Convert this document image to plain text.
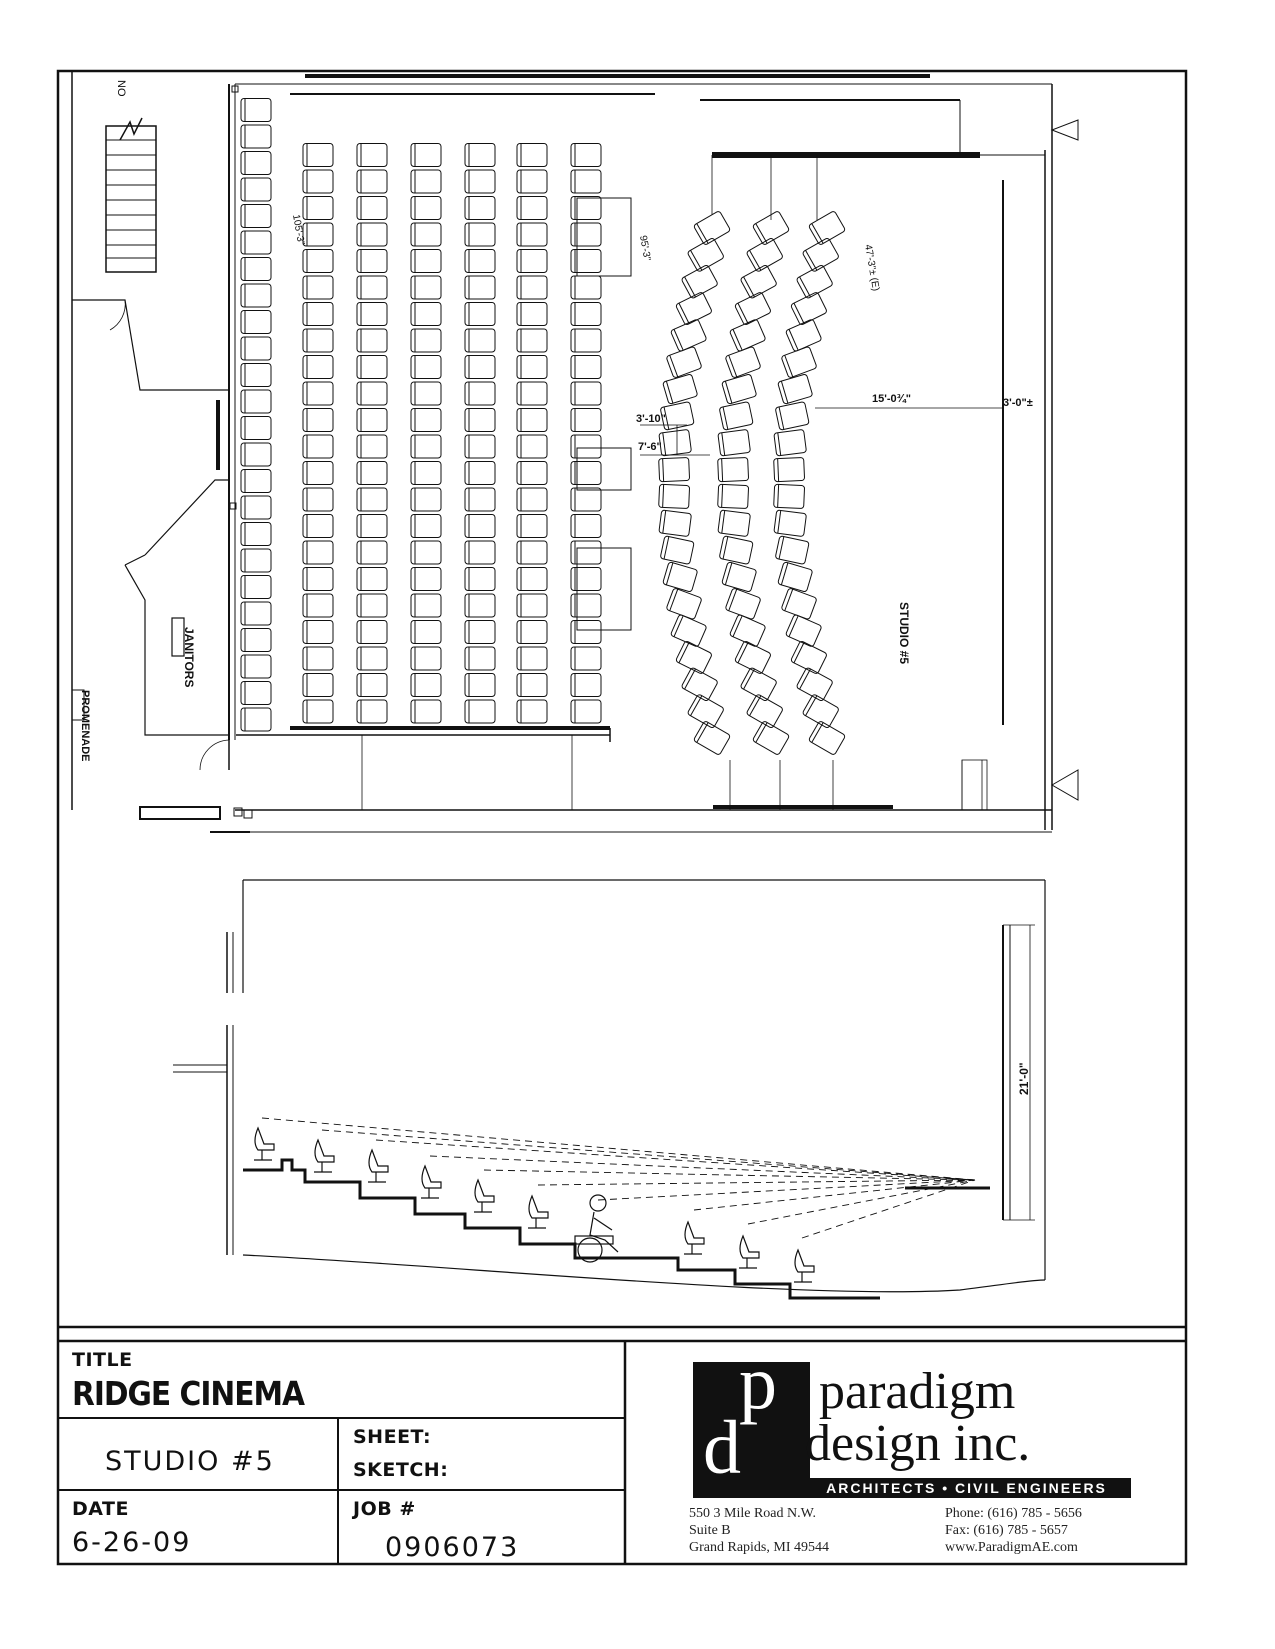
NO
JANITORS
PROMENADE
STUDIO #5
105'-3"
95'-3"	47'-3"± (E)
3'-10"
7'-6"
15'-0¾"	3'-0"±
21'-0"

TITLE

RIDGE CINEMA

STUDIO #5

SHEET:

SKETCH:

DATE

6-26-09

JOB #

0906073

p
d
paradigm
design inc.
ARCHITECTS • CIVIL ENGINEERS
550 3 Mile Road N.W.
Suite B
Grand Rapids, MI 49544
Phone: (616) 785 - 5656
Fax: (616) 785 - 5657
www.ParadigmAE.com
